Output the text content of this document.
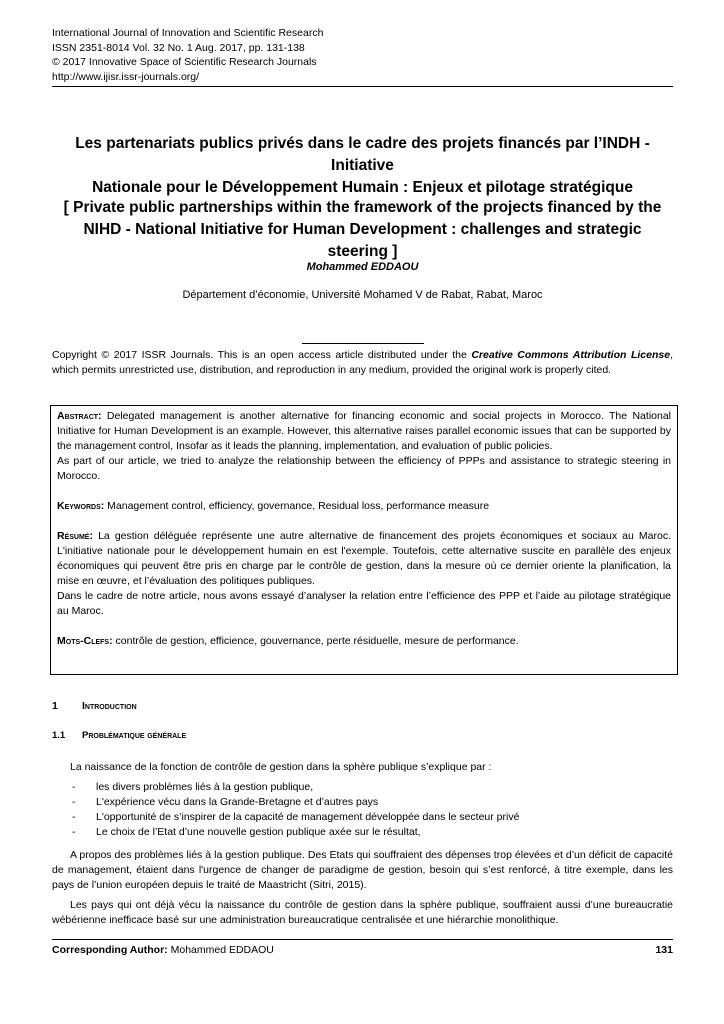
International Journal of Innovation and Scientific Research
ISSN 2351-8014 Vol. 32 No. 1 Aug. 2017, pp. 131-138
© 2017 Innovative Space of Scientific Research Journals
http://www.ijisr.issr-journals.org/
Les partenariats publics privés dans le cadre des projets financés par l’INDH - Initiative
Nationale pour le Développement Humain : Enjeux et pilotage stratégique
[ Private public partnerships within the framework of the projects financed by the
NIHD - National Initiative for Human Development : challenges and strategic steering ]
Mohammed EDDAOU
Département d’économie, Université Mohamed V de Rabat, Rabat, Maroc
Copyright © 2017 ISSR Journals. This is an open access article distributed under the Creative Commons Attribution License, which permits unrestricted use, distribution, and reproduction in any medium, provided the original work is properly cited.

Abstract: Delegated management is another alternative for financing economic and social projects in Morocco. The National Initiative for Human Development is an example. However, this alternative raises parallel economic issues that can be supported by the management control, Insofar as it leads the planning, implementation, and evaluation of public policies.

As part of our article, we tried to analyze the relationship between the efficiency of PPPs and assistance to strategic steering in Morocco.

Keywords: Management control, efficiency, governance, Residual loss, performance measure

Résumé: La gestion déléguée représente une autre alternative de financement des projets économiques et sociaux au Maroc. L'initiative nationale pour le développement humain en est l'exemple. Toutefois, cette alternative suscite en parallèle des enjeux économiques qui peuvent être pris en charge par le contrôle de gestion, dans la mesure où ce dernier oriente la planification, la mise en œuvre, et l’évaluation des politiques publiques.

Dans le cadre de notre article, nous avons essayé d’analyser la relation entre l’efficience des PPP et l’aide au pilotage stratégique au Maroc.

Mots-Clefs: contrôle de gestion, efficience, gouvernance, perte résiduelle, mesure de performance.

1 Introduction
1.1 Problématique générale
La naissance de la fonction de contrôle de gestion dans la sphère publique s’explique par :
- les divers problèmes liés à la gestion publique,
- L'expérience vécu dans la Grande-Bretagne et d’autres pays
- L'opportunité de s’inspirer de la capacité de management développée dans le secteur privé
- Le choix de l’Etat d’une nouvelle gestion publique axée sur le résultat,
A propos des problèmes liés à la gestion publique. Des Etats qui souffraient des dépenses trop élevées et d’un déficit de capacité de management, étaient dans l'urgence de changer de paradigme de gestion, besoin qui s’est renforcé, à titre exemple, dans les pays de l’union européen depuis le traité de Maastricht (Sitri, 2015).
Les pays qui ont déjà vécu la naissance du contrôle de gestion dans la sphère publique, souffraient aussi d’une bureaucratie wébérienne inefficace basé sur une administration bureaucratique centralisée et une hiérarchie monolithique.
Corresponding Author: Mohammed EDDAOU	131
